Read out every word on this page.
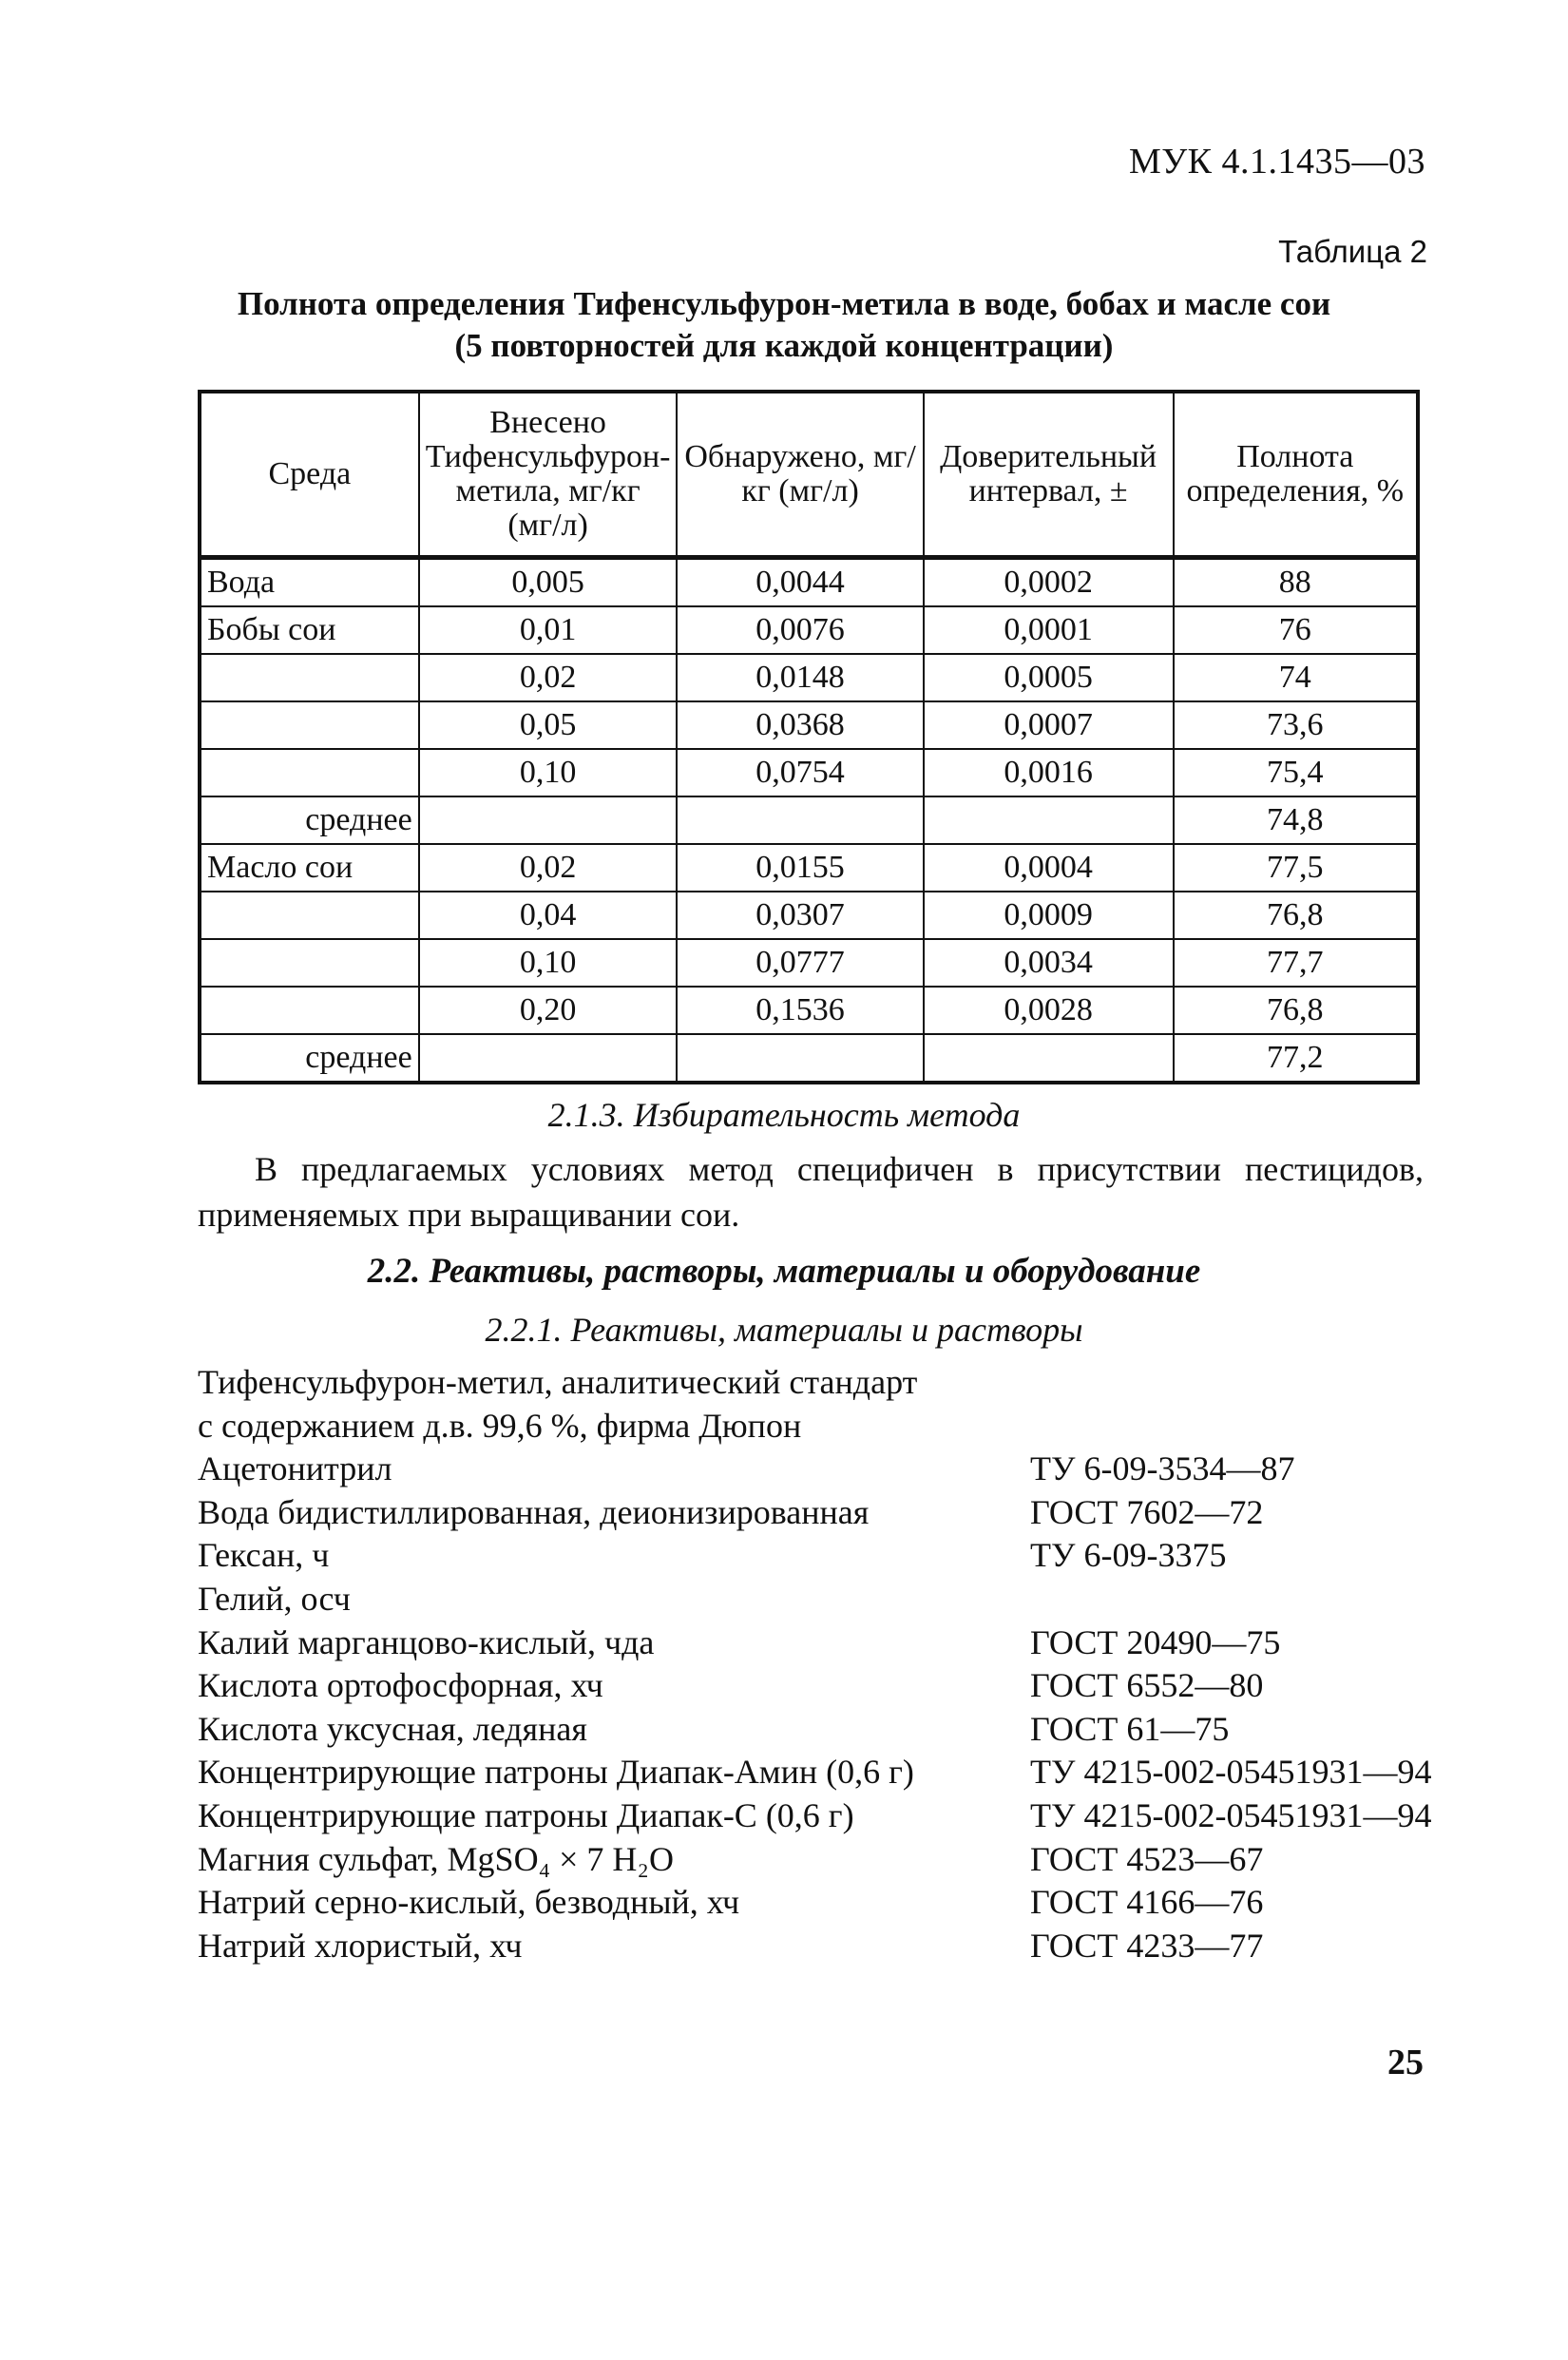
МУК 4.1.1435—03
Таблица 2
Полнота определения Тифенсульфурон-метила в воде, бобах и масле сои
(5 повторностей для каждой концентрации)
Среда	Внесено Тифенсульфурон-метила, мг/кг (мг/л)	Обнаружено, мг/кг (мг/л)	Доверительный интервал, ±	Полнота определения, %
Вода	0,005	0,0044	0,0002	88
Бобы сои	0,01	0,0076	0,0001	76
	0,02	0,0148	0,0005	74
	0,05	0,0368	0,0007	73,6
	0,10	0,0754	0,0016	75,4
среднее				74,8
Масло сои	0,02	0,0155	0,0004	77,5
	0,04	0,0307	0,0009	76,8
	0,10	0,0777	0,0034	77,7
	0,20	0,1536	0,0028	76,8
среднее				77,2
2.1.3. Избирательность метода
В предлагаемых условиях метод специфичен в присутствии пестицидов, применяемых при выращивании сои.
2.2. Реактивы, растворы, материалы и оборудование
2.2.1. Реактивы, материалы и растворы
Тифенсульфурон-метил, аналитический стандарт
с содержанием д.в. 99,6 %, фирма Дюпон
Ацетонитрил	ТУ 6-09-3534—87
Вода бидистиллированная, деионизированная	ГОСТ 7602—72
Гексан, ч	ТУ 6-09-3375
Гелий, осч
Калий марганцово-кислый, чда	ГОСТ 20490—75
Кислота ортофосфорная, хч	ГОСТ 6552—80
Кислота уксусная, ледяная	ГОСТ 61—75
Концентрирующие патроны Диапак-Амин (0,6 г)	ТУ 4215-002-05451931—94
Концентрирующие патроны Диапак-С (0,6 г)	ТУ 4215-002-05451931—94
Магния сульфат, MgSO₄ × 7 H₂O	ГОСТ 4523—67
Натрий серно-кислый, безводный, хч	ГОСТ 4166—76
Натрий хлористый, хч	ГОСТ 4233—77
25
